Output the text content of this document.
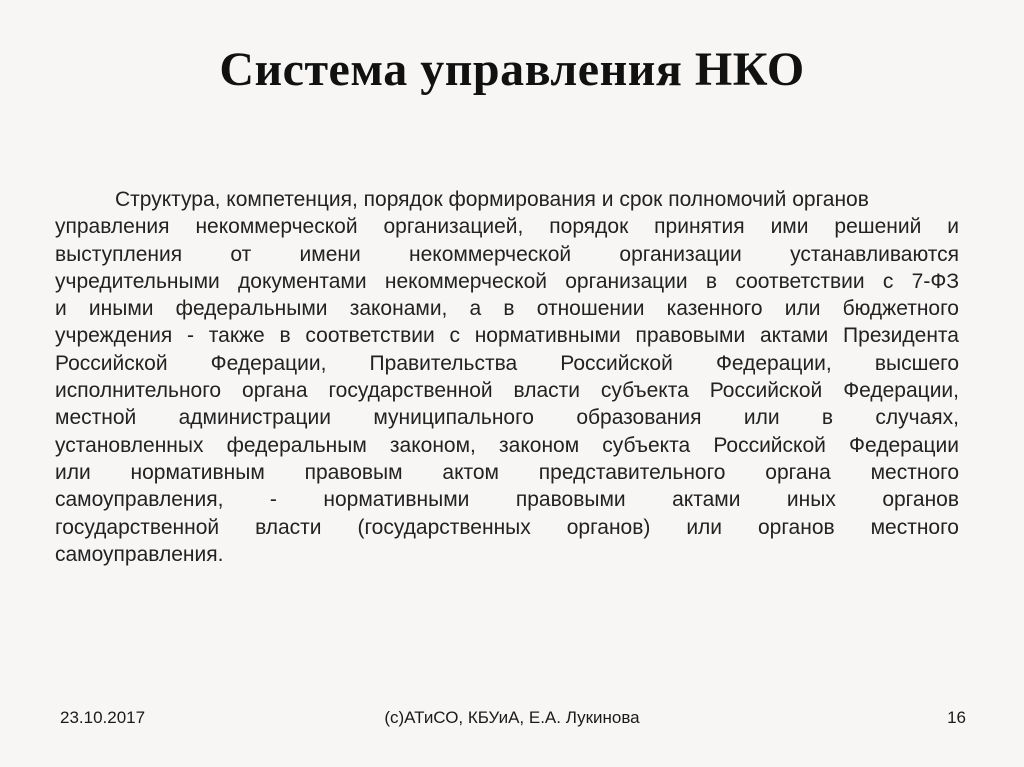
Система управления НКО
Структура, компетенция, порядок формирования и срок полномочий органов
управления некоммерческой организацией, порядок принятия ими решений и
выступления от имени некоммерческой организации устанавливаются
учредительными документами некоммерческой организации в соответствии с 7-ФЗ
и иными федеральными законами, а в отношении казенного или бюджетного
учреждения - также в соответствии с нормативными правовыми актами Президента
Российской Федерации, Правительства Российской Федерации, высшего
исполнительного органа государственной власти субъекта Российской Федерации,
местной администрации муниципального образования или в случаях,
установленных федеральным законом, законом субъекта Российской Федерации
или нормативным правовым актом представительного органа местного
самоуправления, - нормативными правовыми актами иных органов
государственной власти (государственных органов) или органов местного
самоуправления.
23.10.2017	(c)АТиСО, КБУиА, Е.А. Лукинова	16
